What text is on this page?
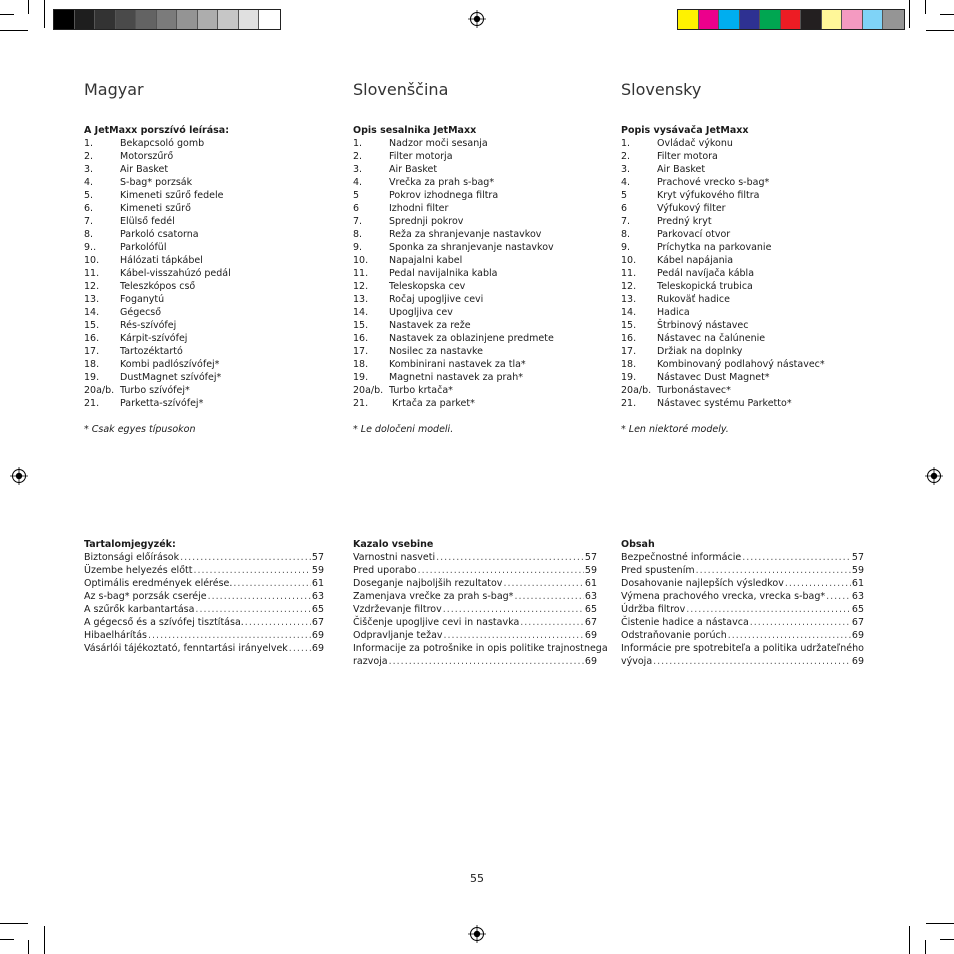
Magyar

A JetMaxx porszívó leírása:

1.	Bekapcsoló gomb
2.	Motorszűrő
3.	Air Basket
4.	S-bag* porzsák
5.	Kimeneti szűrő fedele
6.	Kimeneti szűrő
7.	Elülső fedél
8.	Parkoló csatorna
9..	Parkolófül
10.	Hálózati tápkábel
11.	Kábel-visszahúzó pedál
12.	Teleszkópos cső
13.	Foganytú
14.	Gégecső
15.	Rés-szívófej
16.	Kárpit-szívófej
17.	Tartozéktartó
18.	Kombi padlószívófej*
19.	DustMagnet szívófej*
20a/b. Turbo szívófej*
21.	Parketta-szívófej*
* Csak egyes típusokon

Tartalomjegyzék:

Biztonsági előírások .....	57
Üzembe helyezés előtt .....	59
Optimális eredmények elérése. .....	61
Az s-bag* porzsák cseréje .....	63
A szűrők karbantartása .....	65
A gégecső és a szívófej tisztítása. .....	67
Hibaelhárítás .....	69
Vásárlói tájékoztató, fenntartási irányelvek .....	69
Slovenščina

Opis sesalnika JetMaxx

1.	Nadzor moči sesanja
2.	Filter motorja
3.	Air Basket
4.	Vrečka za prah s-bag*
5	Pokrov izhodnega filtra
6	Izhodni filter
7.	Sprednji pokrov
8.	Reža za shranjevanje nastavkov
9.	Sponka za shranjevanje nastavkov
10.	Napajalni kabel
11.	Pedal navijalnika kabla
12.	Teleskopska cev
13.	Ročaj upogljive cevi
14.	Upogljiva cev
15.	Nastavek za reže
16.	Nastavek za oblazinjene predmete
17.	Nosilec za nastavke
18.	Kombinirani nastavek za tla*
19.	Magnetni nastavek za prah*
20a/b. Turbo krtača*
21.	Krtača za parket*
* Le določeni modeli.

Kazalo vsebine

Varnostni nasveti .....	57
Pred uporabo .....	59
Doseganje najboljših rezultatov .....	61
Zamenjava vrečke za prah s-bag* .....	63
Vzdrževanje filtrov .....	65
Čiščenje upogljive cevi in nastavka .....	67
Odpravljanje težav .....	69
Informacije za potrošnike in opis politike trajnostnega
razvoja .....	69
Slovensky

Popis vysávača JetMaxx

1.	Ovládač výkonu
2.	Filter motora
3.	Air Basket
4.	Prachové vrecko s-bag*
5	Kryt výfukového filtra
6	Výfukový filter
7.	Predný kryt
8.	Parkovací otvor
9.	Príchytka na parkovanie
10.	Kábel napájania
11.	Pedál navíjača kábla
12.	Teleskopická trubica
13.	Rukoväť hadice
14.	Hadica
15.	Štrbinový nástavec
16.	Nástavec na čalúnenie
17.	Držiak na doplnky
18.	Kombinovaný podlahový nástavec*
19.	Nástavec Dust Magnet*
20a/b. Turbonástavec*
21.	Nástavec systému Parketto*
* Len niektoré modely.

Obsah

Bezpečnostné informácie .....	57
Pred spustením .....	59
Dosahovanie najlepších výsledkov .....	61
Výmena prachového vrecka, vrecka s-bag* .....	63
Údržba filtrov .....	65
Čistenie hadice a nástavca .....	67
Odstraňovanie porúch .....	69
Informácie pre spotrebiteľa a politika udržateľného
vývoja .....	69
55
